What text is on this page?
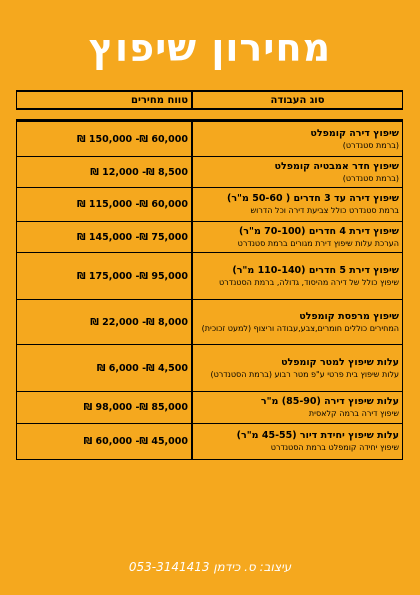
מחירון שיפוץ
סוג העבודה
טווח מחירים
שיפוץ דירה קומפלט
(ברמת סטנדרט)
60,000 ₪- 150,000 ₪
שיפוץ חדר אמבטיה קומפלט
(ברמת סטנדרט)
8,500 ₪- 12,000 ₪
שיפוץ דירה עד 3 חדרים ( 50-60 מ"ר)
ברמת סטנדרט כולל צביעת דירה וכל הדרוש
60,000 ₪- 115,000 ₪
שיפוץ דירת 4 חדרים (70-100 מ"ר)
הערכת עלות שיפוץ דירת מגורים ברמת סטנדרט
75,000 ₪- 145,000 ₪
שיפוץ דירת 5 חדרים (110-140 מ"ר)
שיפוץ כולל של דירה מהיסוד, גדולה, ברמת הסטנדרט
95,000 ₪- 175,000 ₪
שיפוץ מרפסת קומפלט
המחירים כוללים חומרים,צבע,עבודה וריצוף (למעט זכוכית)
8,000 ₪- 22,000 ₪
עלות שיפוץ למטר קומפלט
עלות שיפוץ בית פרטי ע"פ מטר רבוע (ברמת הסטנדרט)
4,500 ₪- 6,000 ₪
עלות שיפוץ דירה (85-90) מ"ר
שיפוץ דירה ברמה קלאסית
85,000 ₪- 98,000 ₪
עלות שיפוץ יחידת דיור (45-55 מ"ר)
שיפוץ יחידה קומפלט ברמת הסטנדרט
45,000 ₪- 60,000 ₪
עיצוב: ס. כידמן 053-3141413
